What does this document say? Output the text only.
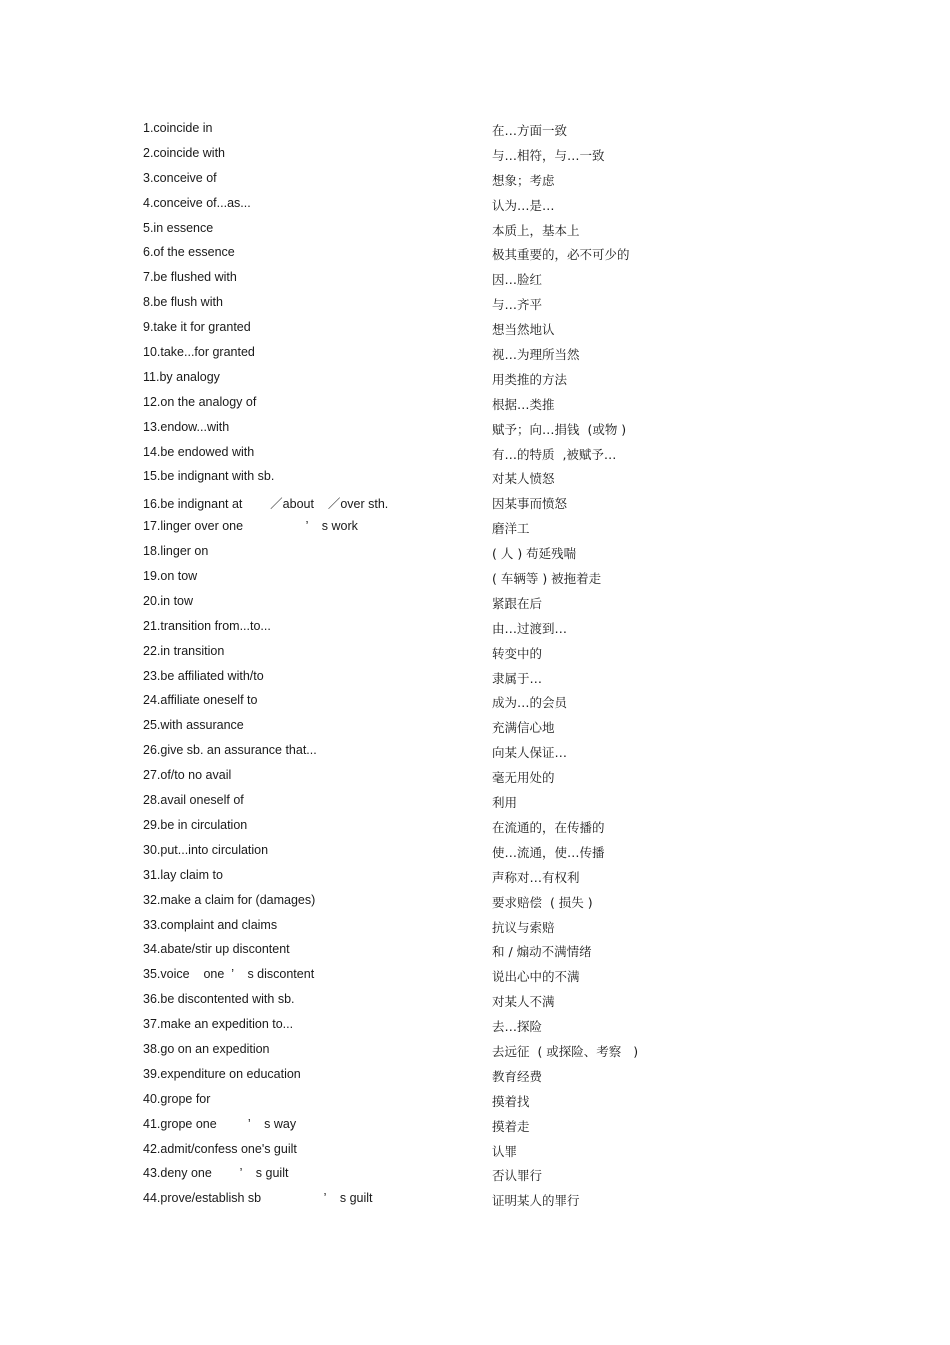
1.coincide in	在…方面一致
2.coincide with	与…相符，与…一致
3.conceive of	想象；考虑
4.conceive of...as...	认为…是…
5.in essence	本质上，基本上
6.of the essence	极其重要的，必不可少的
7.be flushed with	因…脸红
8.be flush with	与…齐平
9.take it for granted	想当然地认
10.take...for granted	视…为理所当然
11.by analogy	用类推的方法
12.on the analogy of	根据…类推
13.endow...with	赋予；向…捐钱  (或物 )
14.be endowed with	有…的特质  ,被赋予…
15.be indignant with sb.	对某人愤怒
16.be indignant at        ／about    ／over sth.	因某事而愤怒
17.linger over one                  ’    s work	磨洋工
18.linger on	( 人 ) 苟延残喘
19.on tow	( 车辆等 ) 被拖着走
20.in tow	紧跟在后
21.transition from...to...	由…过渡到…
22.in transition	转变中的
23.be affiliated with/to	隶属于…
24.affiliate oneself to	成为…的会员
25.with assurance	充满信心地
26.give sb. an assurance that...	向某人保证…
27.of/to no avail	毫无用处的
28.avail oneself of	利用
29.be in circulation	在流通的，在传播的
30.put...into circulation	使…流通，使…传播
31.lay claim to	声称对…有权利
32.make a claim for (damages)	要求赔偿  ( 损失 )
33.complaint and claims	抗议与索赔
34.abate/stir up discontent	和 / 煽动不满情绪
35.voice    one  ’    s discontent	说出心中的不满
36.be discontented with sb.	对某人不满
37.make an expedition to...	去…探险
38.go on an expedition	去远征  ( 或探险、考察   )
39.expenditure on education	教育经费
40.grope for	摸着找
41.grope one         ’    s way	摸着走
42.admit/confess one's guilt	认罪
43.deny one        ’    s guilt	否认罪行
44.prove/establish sb                  ’    s guilt	证明某人的罪行
